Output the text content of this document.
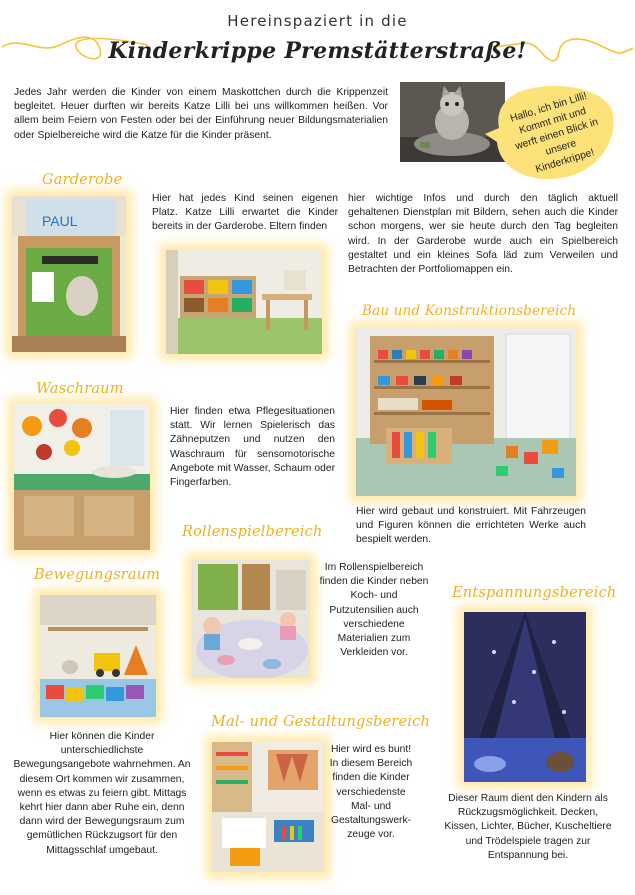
Hereinspaziert in die
Kinderkrippe Premstätterstraße!
Jedes Jahr werden die Kinder von einem Maskottchen durch die Krippenzeit begleitet. Heuer durften wir bereits Katze Lilli bei uns willkommen heißen. Vor allem beim Feiern von Festen oder bei der Einführung neuer Bildungsmaterialien oder Spielbereiche wird die Katze für die Kinder präsent.
Hallo, ich bin Lilli! Kommt mit und werft einen Blick in unsere Kinderkrippe!
Garderobe
PAUL
Hier hat jedes Kind seinen eigenen Platz. Katze Lilli erwartet die Kinder bereits in der Garderobe. Eltern finden
hier wichtige Infos und durch den täglich aktuell gehaltenen Dienstplan mit Bildern, sehen auch die Kinder schon morgens, wer sie heute durch den Tag begleiten wird. In der Garderobe wurde auch ein Spielbereich gestaltet und ein kleines Sofa läd zum Verweilen und Betrachten der Portfoliomappen ein.
Bau und Konstruktionsbereich
Hier wird gebaut und konstruiert. Mit Fahrzeugen und Figuren können die errichteten Werke auch bespielt werden.
Waschraum
Hier finden etwa Pflegesituationen statt. Wir lernen Spielerisch das Zähneputzen und nutzen den Waschraum für sensomotorische Angebote mit Wasser, Schaum oder Fingerfarben.
Rollenspielbereich
Im Rollenspielbereich finden die Kinder neben Koch- und Putzutensilien auch verschiedene Materialien zum Verkleiden vor.
Bewegungsraum
Hier können die Kinder unterschiedlichste Bewegungsangebote wahrnehmen. An diesem Ort kommen wir zusammen, wenn es etwas zu feiern gibt. Mittags kehrt hier dann aber Ruhe ein, denn dann wird der Bewegungsraum zum gemütlichen Rückzugsort für den Mittagsschlaf umgebaut.
Mal- und Gestaltungsbereich
Hier wird es bunt! In diesem Bereich finden die Kinder verschiedenste Mal- und Gestaltungswerk-zeuge vor.
Entspannungsbereich
Dieser Raum dient den Kindern als Rückzugsmöglichkeit. Decken, Kissen, Lichter, Bücher, Kuscheltiere und Trödelspiele tragen zur Entspannung bei.
